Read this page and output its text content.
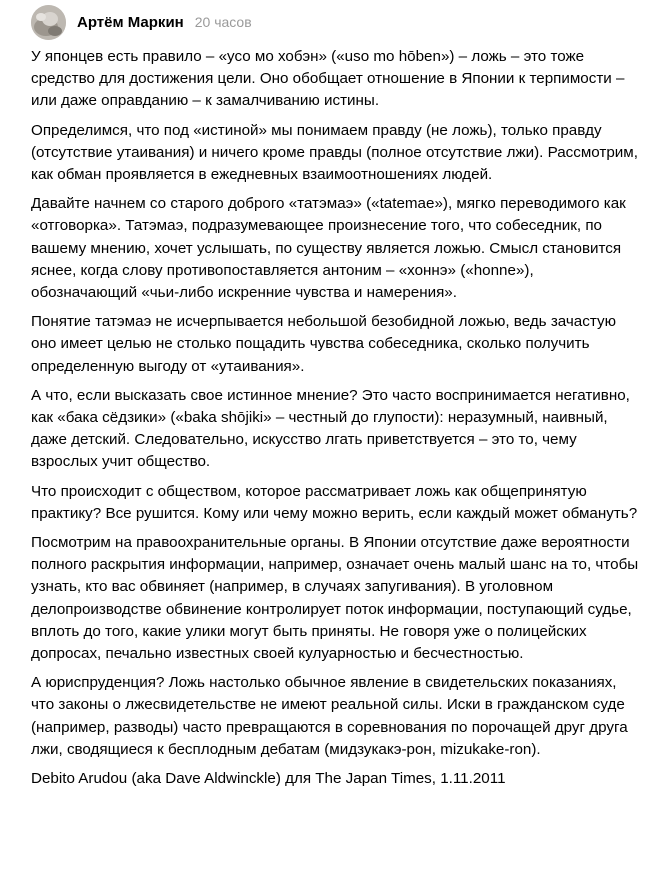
Артём Маркин 20 часов

У японцев есть правило – «усо мо хобэн» («uso mo hōben») – ложь – это тоже средство для достижения цели. Оно обобщает отношение в Японии к терпимости – или даже оправданию – к замалчиванию истины.

Определимся, что под «истиной» мы понимаем правду (не ложь), только правду (отсутствие утаивания) и ничего кроме правды (полное отсутствие лжи). Рассмотрим, как обман проявляется в ежедневных взаимоотношениях людей.

Давайте начнем со старого доброго «татэмаэ» («tatemae»), мягко переводимого как «отговорка». Татэмаэ, подразумевающее произнесение того, что собеседник, по вашему мнению, хочет услышать, по существу является ложью. Смысл становится яснее, когда слову противопоставляется антоним – «хоннэ» («honne»), обозначающий «чьи-либо искренние чувства и намерения».

Понятие татэмаэ не исчерпывается небольшой безобидной ложью, ведь зачастую оно имеет целью не столько пощадить чувства собеседника, сколько получить определенную выгоду от «утаивания».

А что, если высказать свое истинное мнение? Это часто воспринимается негативно, как «бака сёдзики» («baka shōjiki» – честный до глупости): неразумный, наивный, даже детский. Следовательно, искусство лгать приветствуется – это то, чему взрослых учит общество.

Что происходит с обществом, которое рассматривает ложь как общепринятую практику? Все рушится. Кому или чему можно верить, если каждый может обмануть?

Посмотрим на правоохранительные органы. В Японии отсутствие даже вероятности полного раскрытия информации, например, означает очень малый шанс на то, чтобы узнать, кто вас обвиняет (например, в случаях запугивания). В уголовном делопроизводстве обвинение контролирует поток информации, поступающий судье, вплоть до того, какие улики могут быть приняты. Не говоря уже о полицейских допросах, печально известных своей кулуарностью и бесчестностью.

А юриспруденция? Ложь настолько обычное явление в свидетельских показаниях, что законы о лжесвидетельстве не имеют реальной силы. Иски в гражданском суде (например, разводы) часто превращаются в соревнования по порочащей друг друга лжи, сводящиеся к бесплодным дебатам (мидзукакэ-рон, mizukake-ron).

Debito Arudou (aka Dave Aldwinckle) для The Japan Times, 1.11.2011
